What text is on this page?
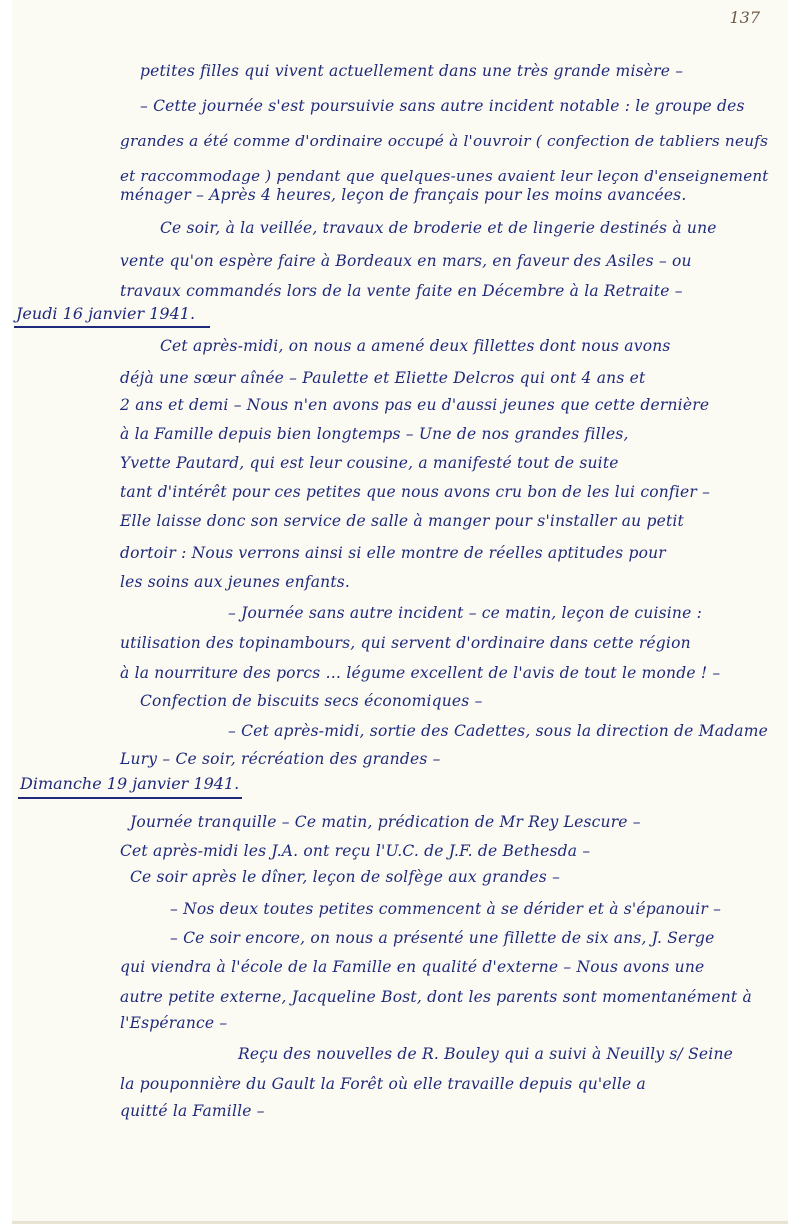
137
petites filles qui vivent actuellement dans une très grande misère –
– Cette journée s'est poursuivie sans autre incident notable : le groupe des
grandes a été comme d'ordinaire occupé à l'ouvroir ( confection de tabliers neufs
et raccommodage ) pendant que quelques-unes avaient leur leçon d'enseignement
ménager – Après 4 heures, leçon de français pour les moins avancées.
Ce soir, à la veillée, travaux de broderie et de lingerie destinés à une
vente qu'on espère faire à Bordeaux en mars, en faveur des Asiles – ou
travaux commandés lors de la vente faite en Décembre à la Retraite –
Jeudi 16 janvier 1941.
Cet après-midi, on nous a amené deux fillettes dont nous avons
déjà une sœur aînée – Paulette et Eliette Delcros qui ont 4 ans et
2 ans et demi – Nous n'en avons pas eu d'aussi jeunes que cette dernière
à la Famille depuis bien longtemps – Une de nos grandes filles,
Yvette Pautard, qui est leur cousine, a manifesté tout de suite
tant d'intérêt pour ces petites que nous avons cru bon de les lui confier –
Elle laisse donc son service de salle à manger pour s'installer au petit
dortoir : Nous verrons ainsi si elle montre de réelles aptitudes pour
les soins aux jeunes enfants.
– Journée sans autre incident – ce matin, leçon de cuisine :
utilisation des topinambours, qui servent d'ordinaire dans cette région
à la nourriture des porcs … légume excellent de l'avis de tout le monde ! –
Confection de biscuits secs économiques –
– Cet après-midi, sortie des Cadettes, sous la direction de Madame
Lury – Ce soir, récréation des grandes –
Dimanche 19 janvier 1941.
Journée tranquille – Ce matin, prédication de Mr Rey Lescure –
Cet après-midi les J.A. ont reçu l'U.C. de J.F. de Bethesda –
Ce soir après le dîner, leçon de solfège aux grandes –
– Nos deux toutes petites commencent à se dérider et à s'épanouir –
– Ce soir encore, on nous a présenté une fillette de six ans, J. Serge
qui viendra à l'école de la Famille en qualité d'externe – Nous avons une
autre petite externe, Jacqueline Bost, dont les parents sont momentanément à
l'Espérance –
Reçu des nouvelles de R. Bouley qui a suivi à Neuilly s/ Seine
la pouponnière du Gault la Forêt où elle travaille depuis qu'elle a
quitté la Famille –
